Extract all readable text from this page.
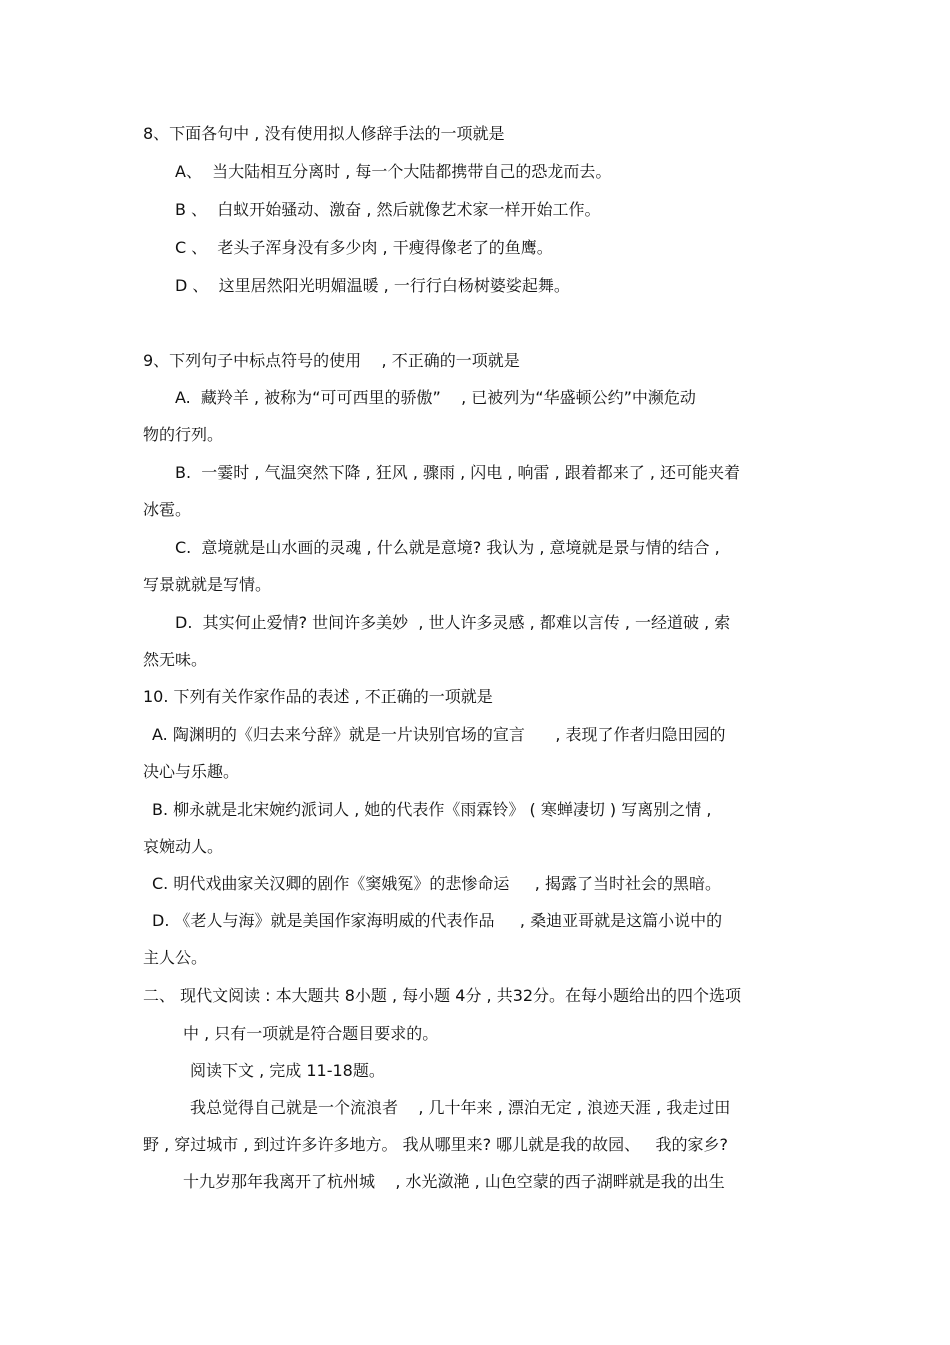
8、下面各句中 , 没有使用拟人修辞手法的一项就是
A、  当大陆相互分离时 , 每一个大陆都携带自己的恐龙而去。
B 、  白蚁开始骚动、激奋 , 然后就像艺术家一样开始工作。
C 、  老头子浑身没有多少肉 , 干瘦得像老了的鱼鹰。
D 、  这里居然阳光明媚温暖 , 一行行白杨树婆娑起舞。
9、下列句子中标点符号的使用    , 不正确的一项就是
A.  藏羚羊 , 被称为“可可西里的骄傲”    , 已被列为“华盛顿公约”中濒危动
物的行列。
B.  一霎时 , 气温突然下降 , 狂风 , 骤雨 , 闪电 , 响雷 , 跟着都来了 , 还可能夹着
冰雹。
C.  意境就是山水画的灵魂 , 什么就是意境? 我认为 , 意境就是景与情的结合 ,
写景就就是写情。
D.  其实何止爱情? 世间许多美妙  , 世人许多灵感 , 都难以言传 , 一经道破 , 索
然无味。
10. 下列有关作家作品的表述 , 不正确的一项就是
A. 陶渊明的《归去来兮辞》就是一片诀别官场的宣言      , 表现了作者归隐田园的
决心与乐趣。
B. 柳永就是北宋婉约派词人 , 她的代表作《雨霖铃》 ( 寒蝉凄切 ) 写离别之情 ,
哀婉动人。
C. 明代戏曲家关汉卿的剧作《窦娥冤》的悲惨命运     , 揭露了当时社会的黑暗。
D. 《老人与海》就是美国作家海明威的代表作品     , 桑迪亚哥就是这篇小说中的
主人公。
二、 现代文阅读 : 本大题共 8小题 , 每小题 4分 , 共32分。在每小题给出的四个选项
中 , 只有一项就是符合题目要求的。
阅读下文 , 完成 11-18题。
我总觉得自己就是一个流浪者    , 几十年来 , 漂泊无定 , 浪迹天涯 , 我走过田
野 , 穿过城市 , 到过许多许多地方。 我从哪里来? 哪儿就是我的故园、   我的家乡?
十九岁那年我离开了杭州城    , 水光潋滟 , 山色空蒙的西子湖畔就是我的出生
